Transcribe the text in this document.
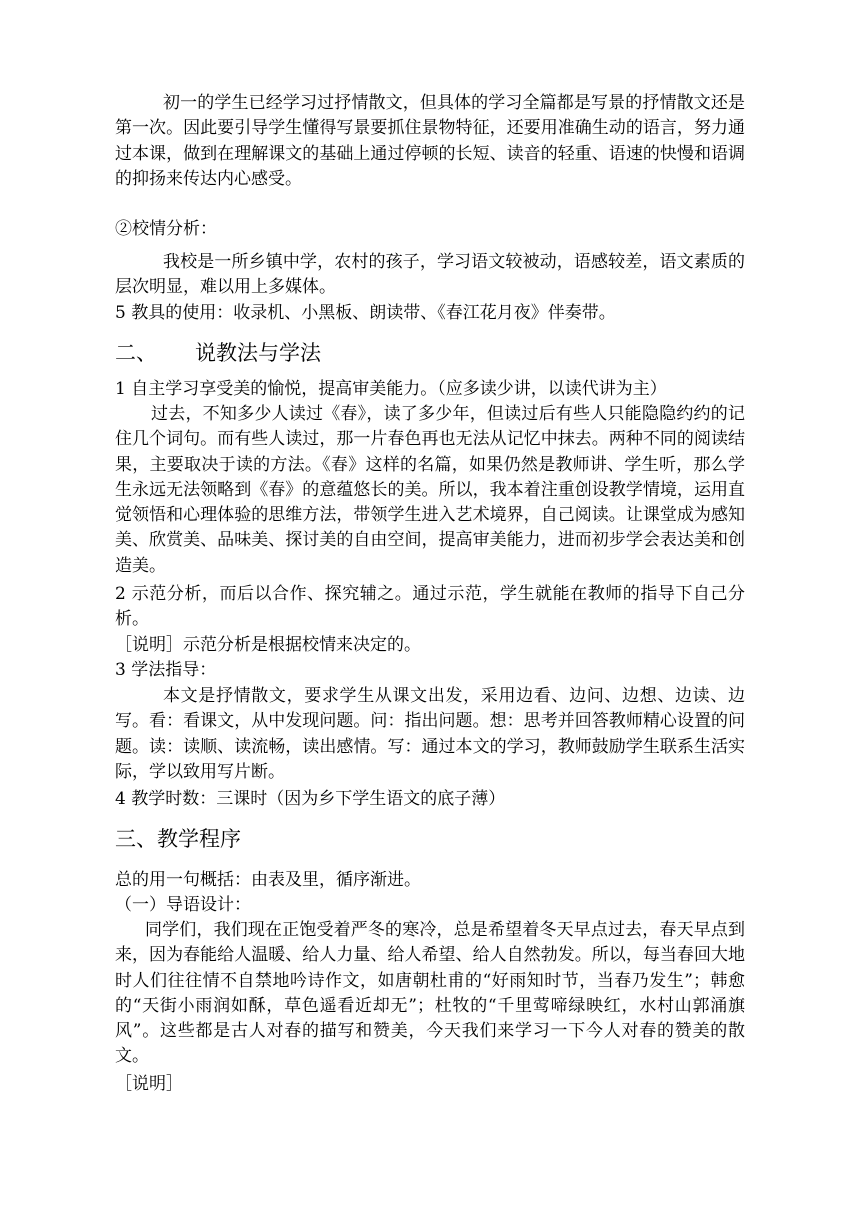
初一的学生已经学习过抒情散文，但具体的学习全篇都是写景的抒情散文还是第一次。因此要引导学生懂得写景要抓住景物特征，还要用准确生动的语言，努力通过本课，做到在理解课文的基础上通过停顿的长短、读音的轻重、语速的快慢和语调的抑扬来传达内心感受。

②校情分析：

我校是一所乡镇中学，农村的孩子，学习语文较被动，语感较差，语文素质的层次明显，难以用上多媒体。

5 教具的使用：收录机、小黑板、朗读带、《春江花月夜》伴奏带。

二、 说教法与学法

1 自主学习享受美的愉悦，提高审美能力。（应多读少讲，以读代讲为主）

过去，不知多少人读过《春》，读了多少年，但读过后有些人只能隐隐约约的记住几个词句。而有些人读过，那一片春色再也无法从记忆中抹去。两种不同的阅读结果，主要取决于读的方法。《春》这样的名篇，如果仍然是教师讲、学生听，那么学生永远无法领略到《春》的意蕴悠长的美。所以，我本着注重创设教学情境，运用直觉领悟和心理体验的思维方法，带领学生进入艺术境界，自己阅读。让课堂成为感知美、欣赏美、品味美、探讨美的自由空间，提高审美能力，进而初步学会表达美和创造美。

2 示范分析，而后以合作、探究辅之。通过示范，学生就能在教师的指导下自己分析。

［说明］示范分析是根据校情来决定的。

3 学法指导：

本文是抒情散文，要求学生从课文出发，采用边看、边问、边想、边读、边写。看：看课文，从中发现问题。问：指出问题。想：思考并回答教师精心设置的问题。读：读顺、读流畅，读出感情。写：通过本文的学习，教师鼓励学生联系生活实际，学以致用写片断。

4 教学时数：三课时（因为乡下学生语文的底子薄）

三、教学程序

总的用一句概括：由表及里，循序渐进。

（一）导语设计：

同学们，我们现在正饱受着严冬的寒冷，总是希望着冬天早点过去，春天早点到来，因为春能给人温暖、给人力量、给人希望、给人自然勃发。所以，每当春回大地时人们往往情不自禁地吟诗作文，如唐朝杜甫的“好雨知时节，当春乃发生”；韩愈的“天街小雨润如酥，草色遥看近却无”；杜牧的“千里莺啼绿映红，水村山郭涌旗风”。这些都是古人对春的描写和赞美，今天我们来学习一下今人对春的赞美的散文。

［说明］
